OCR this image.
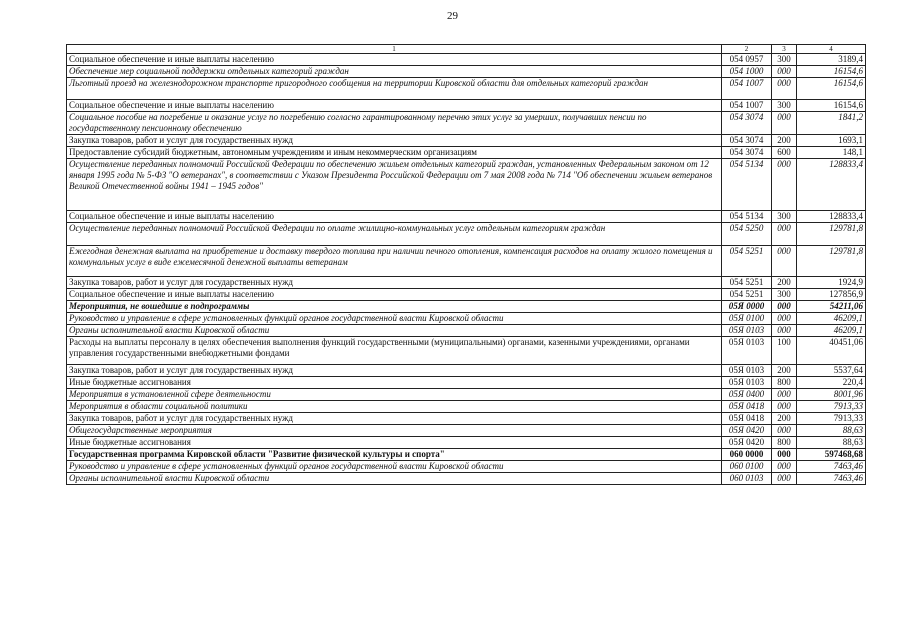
29
1	2	3	4
Социальное обеспечение и иные выплаты населению	054 0957	300	3189,4
Обеспечение мер социальной поддержки отдельных категорий граждан	054 1000	000	16154,6
Льготный проезд на железнодорожном транспорте пригородного сообщения на территории Кировской области для отдельных категорий граждан	054 1007	000	16154,6
Социальное обеспечение и иные выплаты населению	054 1007	300	16154,6
Социальное пособие на погребение и оказание услуг по погребению согласно гарантированному перечню этих услуг за умерших, получавших пенсии по государственному пенсионному обеспечению	054 3074	000	1841,2
Закупка товаров, работ и услуг для государственных нужд	054 3074	200	1693,1
Предоставление субсидий бюджетным, автономным учреждениям и иным некоммерческим организациям	054 3074	600	148,1
Осуществление переданных полномочий Российской Федерации по обеспечению жильем отдельных категорий граждан, установленных Федеральным законом от 12 января 1995 года № 5-ФЗ "О ветеранах", в соответствии с Указом Президента Российской Федерации от 7 мая 2008 года № 714 "Об обеспечении жильем ветеранов Великой Отечественной войны 1941 – 1945 годов"	054 5134	000	128833,4
Социальное обеспечение и иные выплаты населению	054 5134	300	128833,4
Осуществление переданных полномочий Российской Федерации по оплате жилищно-коммунальных услуг отдельным категориям граждан	054 5250	000	129781,8
Ежегодная денежная выплата на приобретение и доставку твердого топлива при наличии печного отопления, компенсация расходов на оплату жилого помещения и коммунальных услуг в виде ежемесячной денежной выплаты ветеранам	054 5251	000	129781,8
Закупка товаров, работ и услуг для государственных нужд	054 5251	200	1924,9
Социальное обеспечение и иные выплаты населению	054 5251	300	127856,9
Мероприятия, не вошедшие в подпрограммы	05Я 0000	000	54211,06
Руководство и управление в сфере установленных функций органов государственной власти Кировской области	05Я 0100	000	46209,1
Органы исполнительной власти Кировской области	05Я 0103	000	46209,1
Расходы на выплаты персоналу в целях обеспечения выполнения функций государственными (муниципальными) органами, казенными учреждениями, органами управления государственными внебюджетными фондами	05Я 0103	100	40451,06
Закупка товаров, работ и услуг для государственных нужд	05Я 0103	200	5537,64
Иные бюджетные ассигнования	05Я 0103	800	220,4
Мероприятия в установленной сфере деятельности	05Я 0400	000	8001,96
Мероприятия в области социальной политики	05Я 0418	000	7913,33
Закупка товаров, работ и услуг для государственных нужд	05Я 0418	200	7913,33
Общегосударственные мероприятия	05Я 0420	000	88,63
Иные бюджетные ассигнования	05Я 0420	800	88,63
Государственная программа Кировской области "Развитие физической культуры и спорта"	060 0000	000	597468,68
Руководство и управление в сфере установленных функций органов государственной власти Кировской области	060 0100	000	7463,46
Органы исполнительной власти Кировской области	060 0103	000	7463,46
